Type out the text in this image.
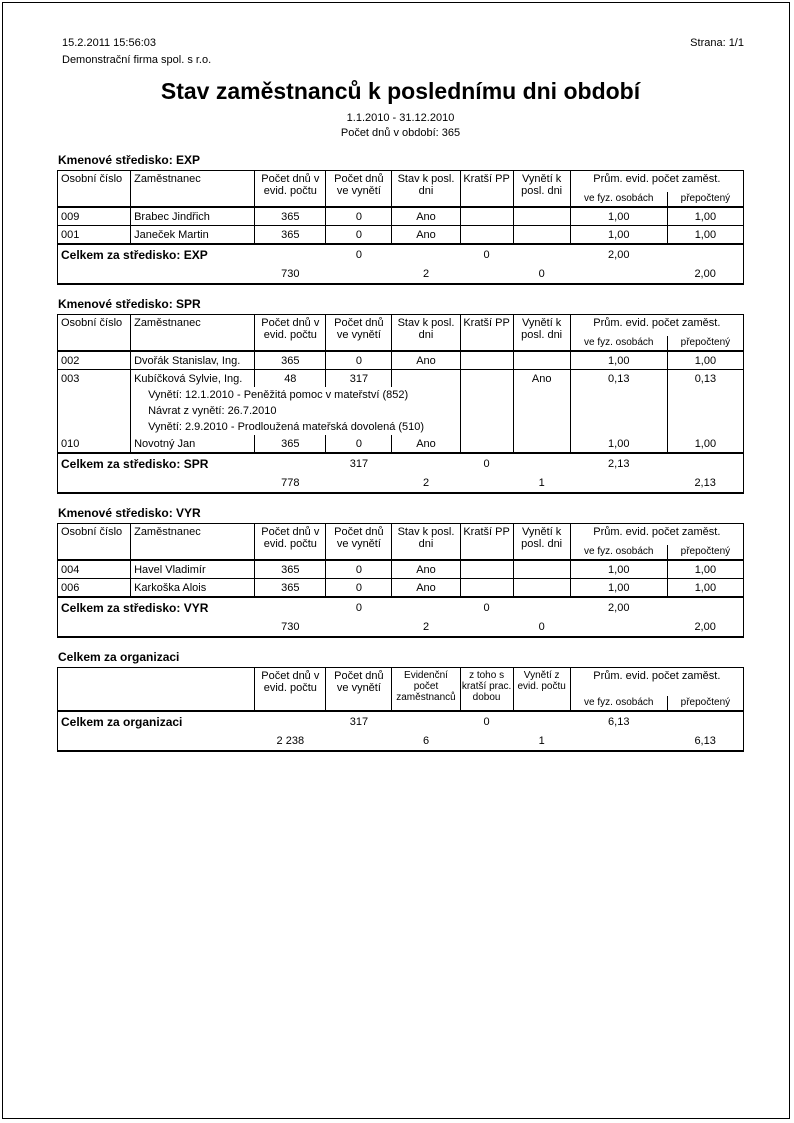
15.2.2011 15:56:03	Strana: 1/1
Demonstrační firma spol. s r.o.
Stav zaměstnanců k poslednímu dni období
1.1.2010 - 31.12.2010
Počet dnů v období: 365
Kmenové středisko: EXP
Osobní číslo	Zaměstnanec	Počet dnů v evid. počtu	Počet dnů ve vynětí	Stav k posl. dni	Kratší PP	Vynětí k posl. dni	Prům. evid. počet zaměst.	
							ve fyz. osobách	přepočtený
009	Brabec Jindřich	365	0	Ano			1,00	1,00
001	Janeček Martin	365	0	Ano			1,00	1,00
Celkem za středisko: EXP			0		0		2,00	
		730		2		0		2,00
Kmenové středisko: SPR
Osobní číslo	Zaměstnanec	Počet dnů v evid. počtu	Počet dnů ve vynětí	Stav k posl. dni	Kratší PP	Vynětí k posl. dni	Prům. evid. počet zaměst.	
							ve fyz. osobách	přepočtený
002	Dvořák Stanislav, Ing.	365	0	Ano			1,00	1,00
003	Kubíčková Sylvie, Ing.	48	317			Ano	0,13	0,13
	Vynětí: 12.1.2010 - Peněžitá pomoc v mateřství (852)							
	Návrat z vynětí: 26.7.2010							
	Vynětí: 2.9.2010 - Prodloužená mateřská dovolená (510)							
010	Novotný Jan	365	0	Ano			1,00	1,00
Celkem za středisko: SPR			317		0		2,13	
		778		2		1		2,13
Kmenové středisko: VYR
Osobní číslo	Zaměstnanec	Počet dnů v evid. počtu	Počet dnů ve vynětí	Stav k posl. dni	Kratší PP	Vynětí k posl. dni	Prům. evid. počet zaměst.	
							ve fyz. osobách	přepočtený
004	Havel Vladimír	365	0	Ano			1,00	1,00
006	Karkoška Alois	365	0	Ano			1,00	1,00
Celkem za středisko: VYR			0		0		2,00	
		730		2		0		2,00
Celkem za organizaci
	Počet dnů v evid. počtu	Počet dnů ve vynětí	Evidenční počet zaměstnanců	z toho s kratší prac. dobou	Vynětí z evid. počtu	Prům. evid. počet zaměst.	
						ve fyz. osobách	přepočtený
Celkem za organizaci		317		0		6,13	
	2 238		6		1		6,13
